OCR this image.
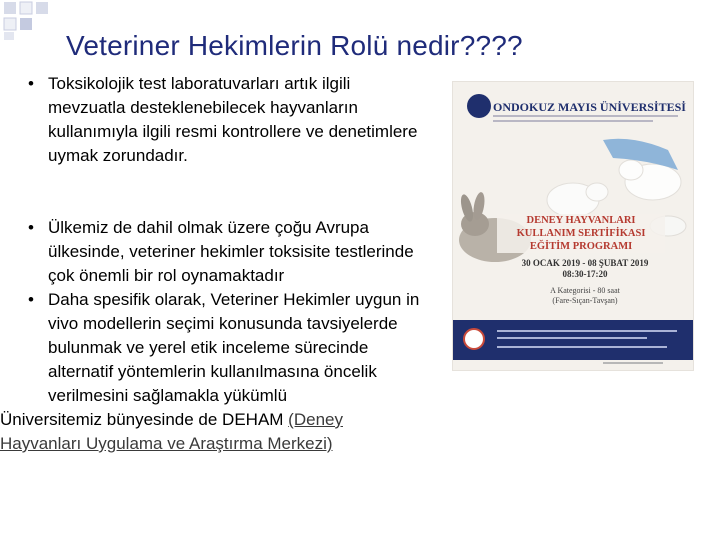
Veteriner Hekimlerin Rolü nedir????
• Toksikolojik test laboratuvarları artık ilgili mevzuatla desteklenebilecek hayvanların kullanımıyla ilgili resmi kontrollere ve denetimlere uymak zorundadır.
• Ülkemiz de dahil olmak üzere çoğu Avrupa ülkesinde, veteriner hekimler toksisite testlerinde çok önemli bir rol oynamaktadır
• Daha spesifik olarak, Veteriner Hekimler uygun in vivo modellerin seçimi konusunda tavsiyelerde bulunmak ve yerel etik inceleme sürecinde alternatif yöntemlerin kullanılmasına öncelik verilmesini sağlamakla yükümlü
Üniversitemiz bünyesinde de DEHAM (Deney Hayvanları Uygulama ve Araştırma Merkezi)
ONDOKUZ MAYIS ÜNİVERSİTESİ
DENEY HAYVANLARI
KULLANIM SERTİFİKASI
EĞİTİM PROGRAMI
30 OCAK 2019 - 08 ŞUBAT 2019
08:30-17:20
A Kategorisi - 80 saat
(Fare-Sıçan-Tavşan)
